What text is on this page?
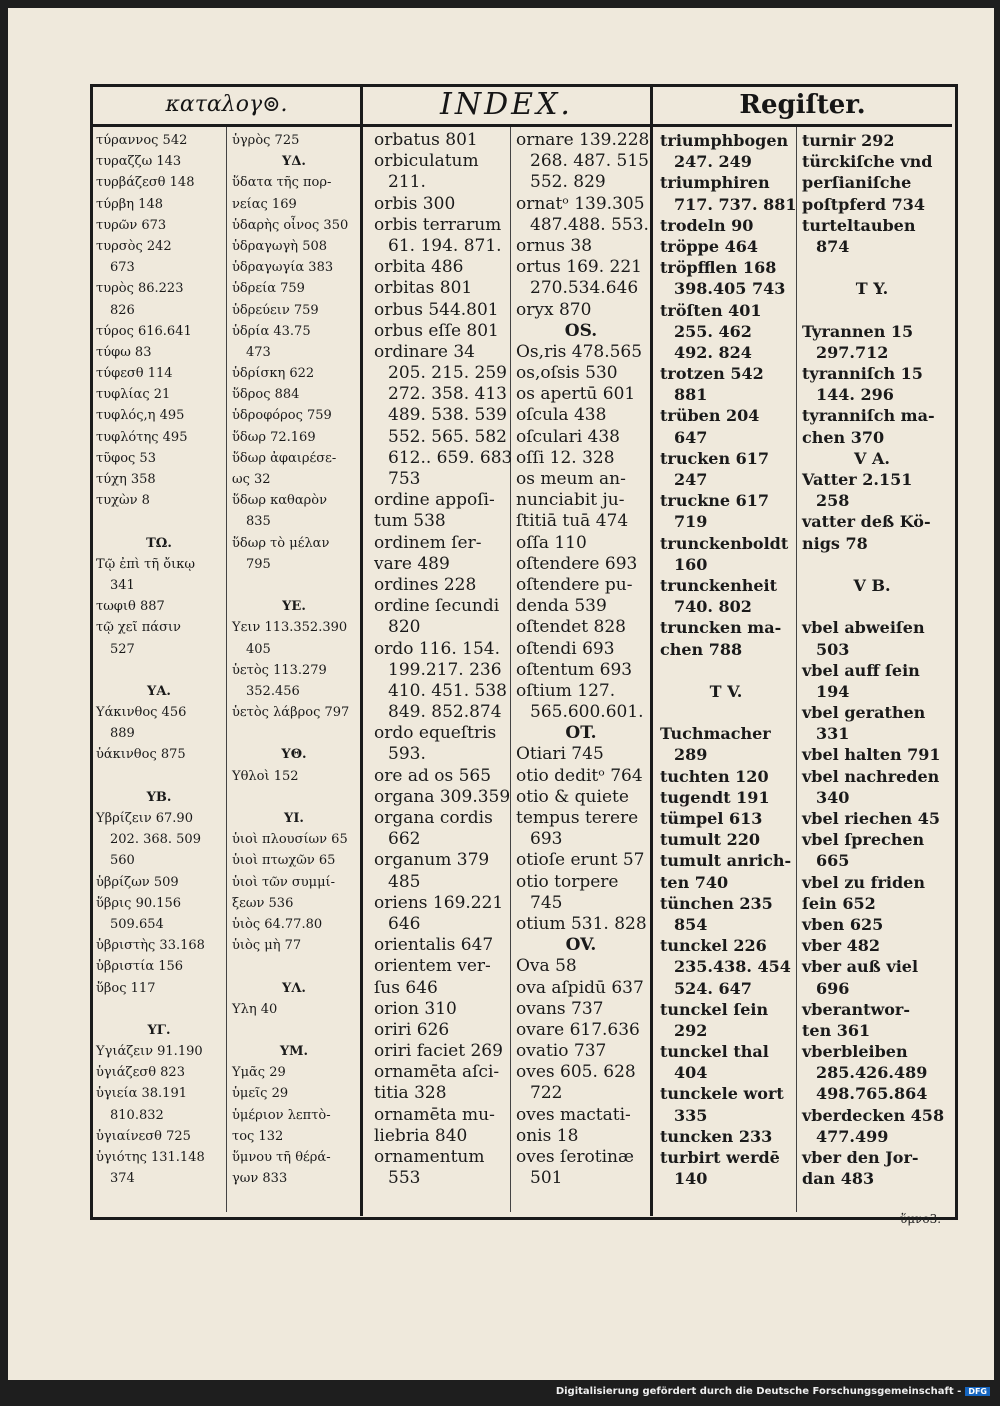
καταλογ⊚.	INDEX.	Regiſter.
τύραννος 542
τυραζζω 143
τυρβάζεσθ 148
τύρβη 148
τυρῶν 673
τυρσὸς 242
673
τυρὸς 86.223
826
τύρος 616.641
τύφω 83
τύφεσθ 114
τυφλίας 21
τυφλός,η 495
τυφλότης 495
τῦφος 53
τύχη 358
τυχὼν 8
ΤΩ.
Τῷ ἐπὶ τῆ ὄικῳ
341
τωφιθ 887
τῷ χεῖ πάσιν
527
ΥΑ.
Υάκινθος 456
889
ὑάκινθος 875
ΥΒ.
Υβρίζειν 67.90
202. 368. 509
560
ὑβρίζων 509
ὕβρις 90.156
509.654
ὑβριστὴς 33.168
ὑβριστία 156
ὕβος 117
ΥΓ.
Υγιάζειν 91.190
ὑγιάζεσθ 823
ὑγιεία 38.191
810.832
ὑγιαίνεσθ 725
ὑγιότης 131.148
374
ὑγρὸς 725
ΥΔ.
ὕδατα τῆς πορ-
νείας 169
ὑδαρὴς οἶνος 350
ὑδραγωγὴ 508
ὑδραγωγία 383
ὑδρεία 759
ὑδρεύειν 759
ὑδρία 43.75
473
ὑδρίσκη 622
ὕδρος 884
ὑδροφόρος 759
ὕδωρ 72.169
ὕδωρ ἀφαιρέσε-
ως 32
ὕδωρ καθαρὸν
835
ὕδωρ τὸ μέλαν
795
ΥΕ.
Υειν 113.352.390
405
ὑετὸς 113.279
352.456
ὑετὸς λάβρος 797
ΥΘ.
Υθλοὶ 152
ΥΙ.
ὑιοὶ πλουσίων 65
ὑιοὶ πτωχῶν 65
ὑιοὶ τῶν συμμί-
ξεων 536
ὑιὸς 64.77.80
ὑιὸς μὴ 77
ΥΛ.
Υλη 40
ΥΜ.
Υμᾶς 29
ὑμεῖς 29
ὑμέριον λεπτὸ-
τος 132
ὕμνου τῆ θέρά-
γων 833
orbatus 801
orbiculatum
211.
orbis 300
orbis terrarum
61. 194. 871.
orbita 486
orbitas 801
orbus 544.801
orbus eſſe 801
ordinare 34
205. 215. 259
272. 358. 413
489. 538. 539
552. 565. 582
612.. 659. 683
753
ordine appoſi-
tum 538
ordinem ſer-
vare 489
ordines 228
ordine ſecundi
820
ordo 116. 154.
199.217. 236
410. 451. 538
849. 852.874
ordo equeſtris
593.
ore ad os 565
organa 309.359
organa cordis
662
organum 379
485
oriens 169.221
646
orientalis 647
orientem ver-
ſus 646
orion 310
oriri 626
oriri faciet 269
ornamēta aſci-
titia 328
ornamēta mu-
liebria 840
ornamentum
553
ornare 139.228
268. 487. 515
552. 829
ornatᵒ 139.305
487.488. 553.
ornus 38
ortus 169. 221
270.534.646
oryx 870
OS.
Os,ris 478.565
os,oſsis 530
os apertū 601
oſcula 438
oſculari 438
oſſi 12. 328
os meum an-
nunciabit ju-
ſtitiā tuā 474
oſſa 110
oſtendere 693
oſtendere pu-
denda 539
oſtendet 828
oſtendi 693
oſtentum 693
oſtium 127.
565.600.601.
OT.
Otiari 745
otio deditᵒ 764
otio & quiete
tempus terere
693
otioſe erunt 57
otio torpere
745
otium 531. 828
OV.
Ova 58
ova aſpidū 637
ovans 737
ovare 617.636
ovatio 737
oves 605. 628
722
oves mactati-
onis 18
oves ſerotinæ
501
triumphbogen
247. 249
triumphiren
717. 737. 881
trodeln 90
tröppe 464
tröpfflen 168
398.405 743
tröſten 401
255. 462
492. 824
trotzen 542
881
trüben 204
647
trucken 617
247
truckne 617
719
trunckenboldt
160
trunckenheit
740. 802
truncken ma-
chen 788
T V.
Tuchmacher
289
tuchten 120
tugendt 191
tümpel 613
tumult 220
tumult anrich-
ten 740
tünchen 235
854
tunckel 226
235.438. 454
524. 647
tunckel ſein
292
tunckel thal
404
tunckele wort
335
tuncken 233
turbirt werdē
140
turnir 292
türckiſche vnd
perſianiſche
poſtpferd 734
turteltauben
874
T Y.
Tyrannen 15
297.712
tyranniſch 15
144. 296
tyranniſch ma-
chen 370
V A.
Vatter 2.151
258
vatter deß Kö-
nigs 78
V B.
vbel abweiſen
503
vbel auff ſein
194
vbel gerathen
331
vbel halten 791
vbel nachreden
340
vbel riechen 45
vbel ſprechen
665
vbel zu friden
ſein 652
vben 625
vber 482
vber auß viel
696
vberantwor-
ten 361
vberbleiben
285.426.489
498.765.864
vberdecken 458
477.499
vber den Jor-
dan 483
ὕμνο3.
Digitalisierung gefördert durch die Deutsche Forschungsgemeinschaft - DFG
